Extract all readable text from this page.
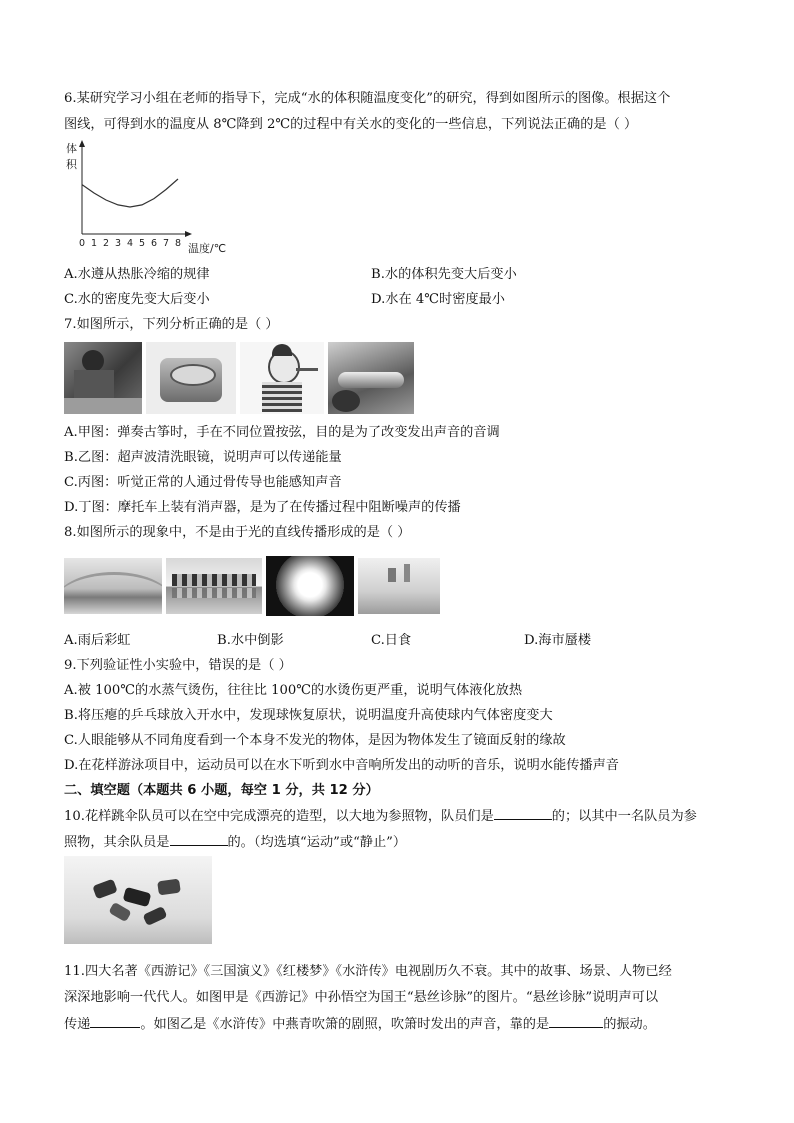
6.某研究学习小组在老师的指导下，完成“水的体积随温度变化”的研究，得到如图所示的图像。根据这个
图线，可得到水的温度从 8℃降到 2℃的过程中有关水的变化的一些信息，下列说法正确的是（ ）
体
积
0 1 2 3 4 5 6 7 8 温度/℃
A.水遵从热胀冷缩的规律	B.水的体积先变大后变小
C.水的密度先变大后变小	D.水在 4℃时密度最小
7.如图所示，下列分析正确的是（ ）
A.甲图：弹奏古筝时，手在不同位置按弦，目的是为了改变发出声音的音调
B.乙图：超声波清洗眼镜，说明声可以传递能量
C.丙图：听觉正常的人通过骨传导也能感知声音
D.丁图：摩托车上装有消声器，是为了在传播过程中阻断噪声的传播
8.如图所示的现象中，不是由于光的直线传播形成的是（ ）
A.雨后彩虹	B.水中倒影	C.日食	D.海市蜃楼
9.下列验证性小实验中，错误的是（ ）
A.被 100℃的水蒸气烫伤，往往比 100℃的水烫伤更严重，说明气体液化放热
B.将压瘪的乒乓球放入开水中，发现球恢复原状，说明温度升高使球内气体密度变大
C.人眼能够从不同角度看到一个本身不发光的物体，是因为物体发生了镜面反射的缘故
D.在花样游泳项目中，运动员可以在水下听到水中音响所发出的动听的音乐，说明水能传播声音
二、填空题（本题共 6 小题，每空 1 分，共 12 分）
10.花样跳伞队员可以在空中完成漂亮的造型，以大地为参照物，队员们是	的；以其中一名队员为参
照物，其余队员是	的。（均选填“运动”或“静止”）
11.四大名著《西游记》《三国演义》《红楼梦》《水浒传》电视剧历久不衰。其中的故事、场景、人物已经
深深地影响一代代人。如图甲是《西游记》中孙悟空为国王“悬丝诊脉”的图片。“悬丝诊脉”说明声可以
传递	。如图乙是《水浒传》中燕青吹箫的剧照，吹箫时发出的声音，靠的是	的振动。
